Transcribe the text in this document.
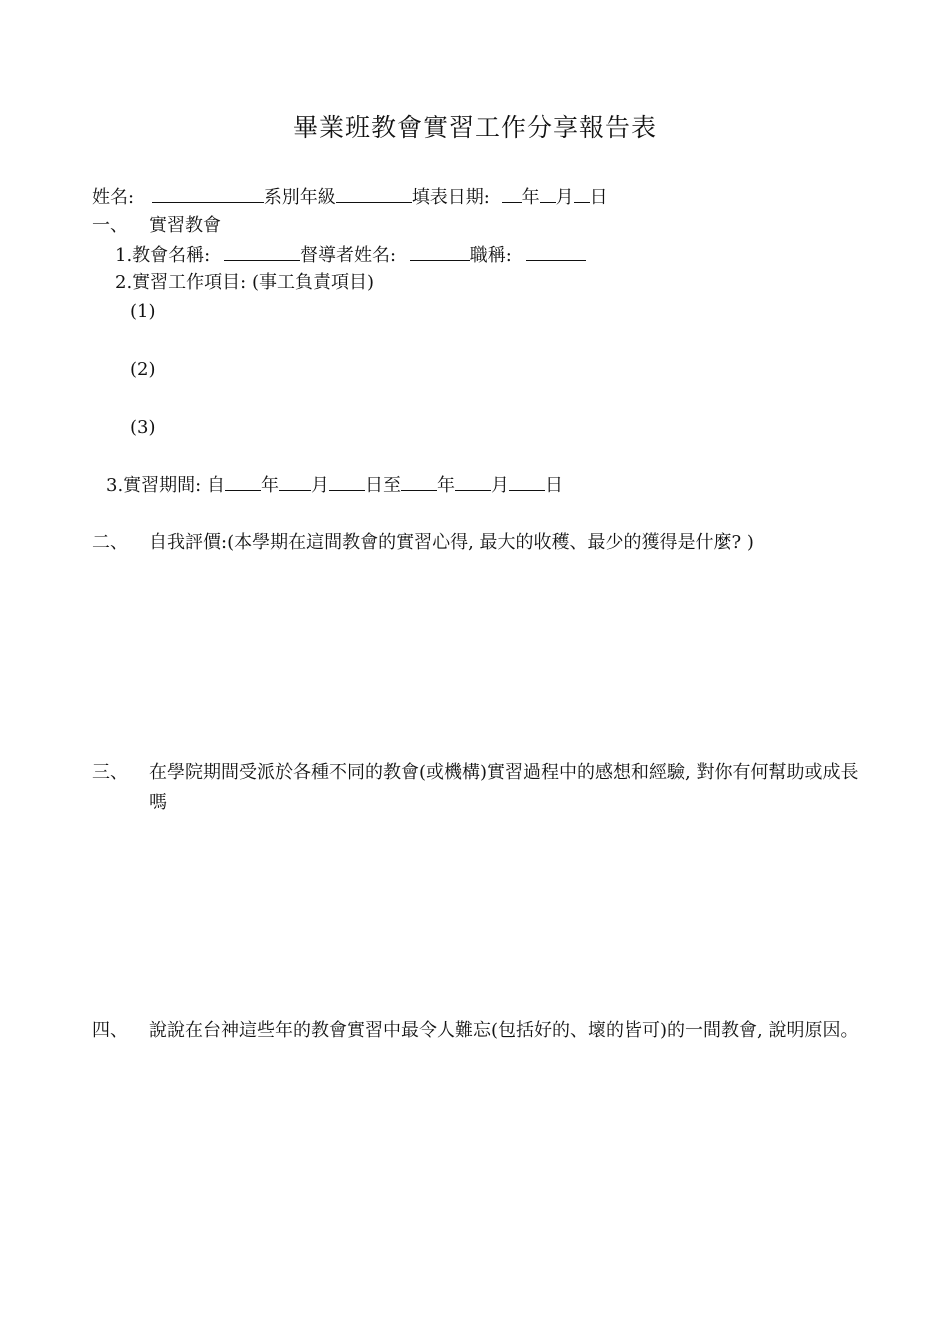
畢業班教會實習工作分享報告表
姓名:	系別年級	填表日期: 年 月 日
一、 實習教會
1.教會名稱:	督導者姓名:	職稱:
2.實習工作項目: (事工負責項目)
(1)
(2)
(3)
3.實習期間: 自 年 月 日至 年 月 日
二、 自我評價:(本學期在這間教會的實習心得, 最大的收穫、最少的獲得是什麼? )
三、 在學院期間受派於各種不同的教會(或機構)實習過程中的感想和經驗, 對你有何幫助或成長嗎
四、 說說在台神這些年的教會實習中最令人難忘(包括好的、壞的皆可)的一間教會, 說明原因。
